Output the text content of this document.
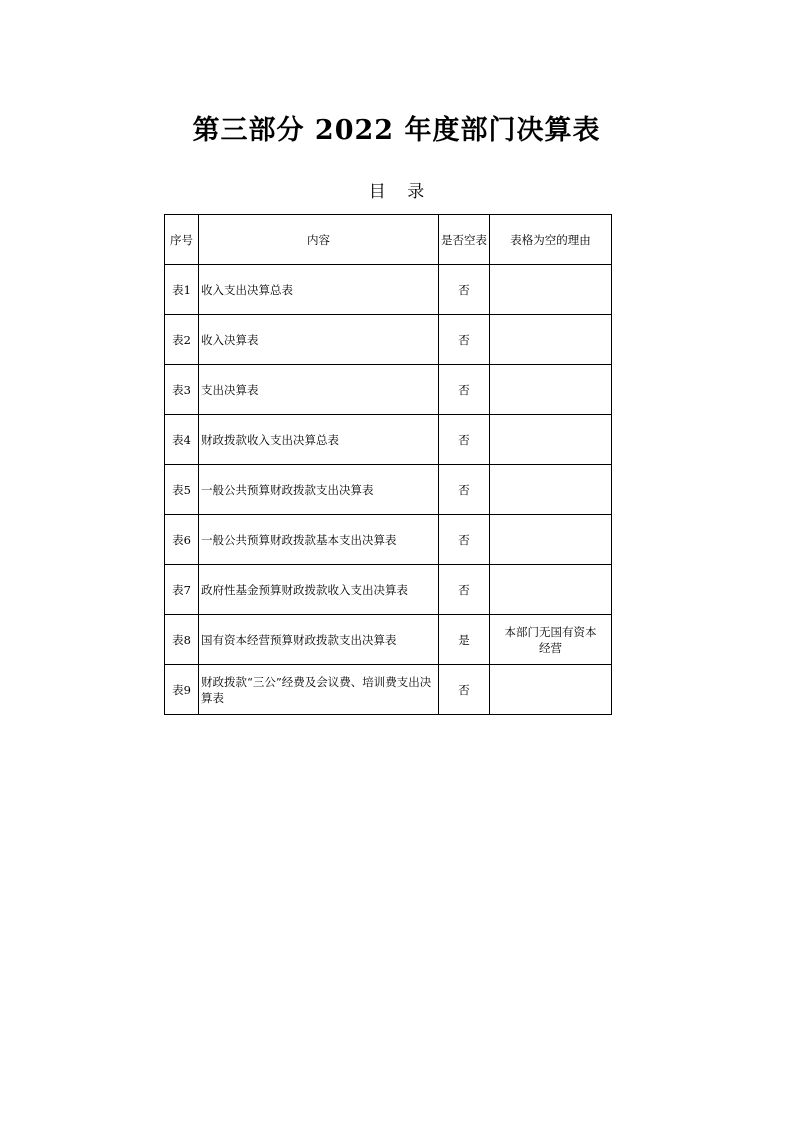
第三部分 2022 年度部门决算表
目    录
序号	内容	是否空表	表格为空的理由
表1	收入支出决算总表	否	
表2	收入决算表	否	
表3	支出决算表	否	
表4	财政拨款收入支出决算总表	否	
表5	一般公共预算财政拨款支出决算表	否	
表6	一般公共预算财政拨款基本支出决算表	否	
表7	政府性基金预算财政拨款收入支出决算表	否	
表8	国有资本经营预算财政拨款支出决算表	是	本部门无国有资本经营
表9	财政拨款“三公”经费及会议费、培训费支出决算表	否	
